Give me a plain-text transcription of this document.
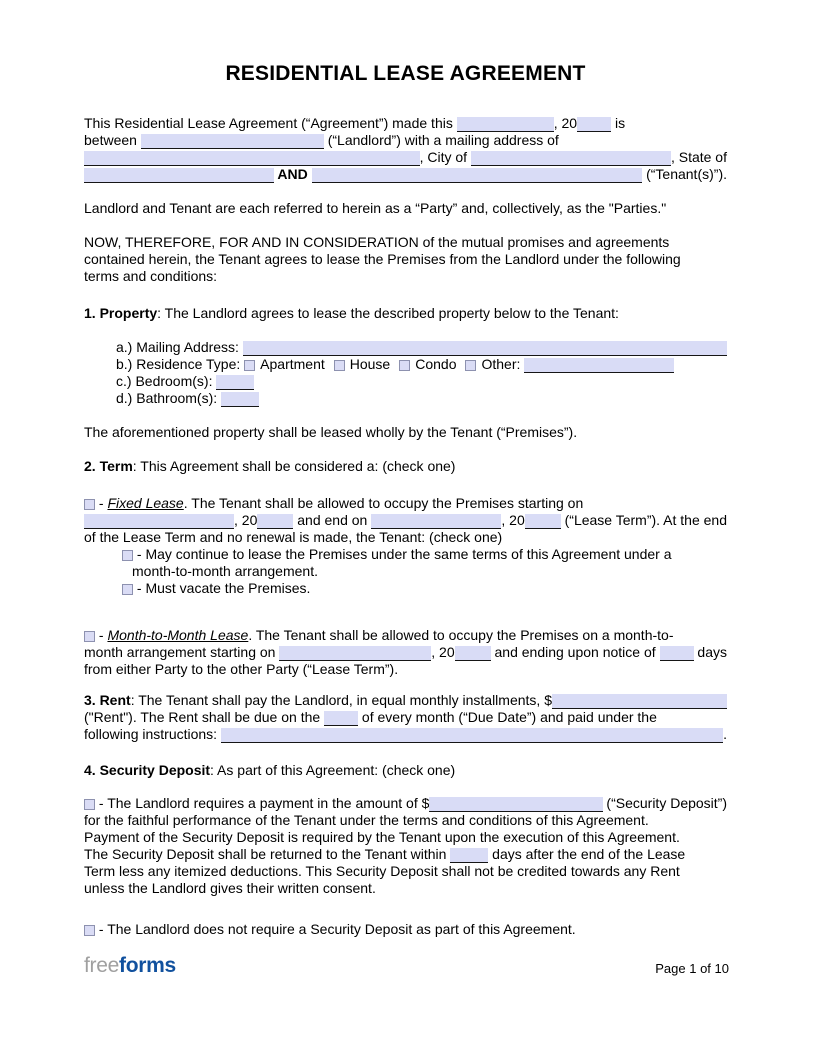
RESIDENTIAL LEASE AGREEMENT
This Residential Lease Agreement (“Agreement”) made this	, 20 is
between	(“Landlord”) with a mailing address of
, City of	, State of
AND	(“Tenant(s)”).
Landlord and Tenant are each referred to herein as a “Party” and, collectively, as the "Parties."
NOW, THEREFORE, FOR AND IN CONSIDERATION of the mutual promises and agreements
contained herein, the Tenant agrees to lease the Premises from the Landlord under the following
terms and conditions:
1. Property : The Landlord agrees to lease the described property below to the Tenant:
a.) Mailing Address:
b.) Residence Type: Apartment House Condo Other:
c.) Bedroom(s):
d.) Bathroom(s):
The aforementioned property shall be leased wholly by the Tenant (“Premises”).
2. Term : This Agreement shall be considered a: (check one)
- Fixed Lease . The Tenant shall be allowed to occupy the Premises starting on
, 20	and end on	, 20	(“Lease Term”). At the end
of the Lease Term and no renewal is made, the Tenant: (check one)
- May continue to lease the Premises under the same terms of this Agreement under a
month-to-month arrangement.
- Must vacate the Premises.
- Month-to-Month Lease . The Tenant shall be allowed to occupy the Premises on a month-to-
month arrangement starting on	, 20	and ending upon notice of days
from either Party to the other Party (“Lease Term”).
3. Rent : The Tenant shall pay the Landlord, in equal monthly installments, $
("Rent"). The Rent shall be due on the of every month (“Due Date”) and paid under the
following instructions:	.
4. Security Deposit : As part of this Agreement: (check one)
- The Landlord requires a payment in the amount of $	(“Security Deposit”)
for the faithful performance of the Tenant under the terms and conditions of this Agreement.
Payment of the Security Deposit is required by the Tenant upon the execution of this Agreement.
The Security Deposit shall be returned to the Tenant within	days after the end of the Lease
Term less any itemized deductions. This Security Deposit shall not be credited towards any Rent
unless the Landlord gives their written consent.
- The Landlord does not require a Security Deposit as part of this Agreement.
freeforms	Page 1 of 10
